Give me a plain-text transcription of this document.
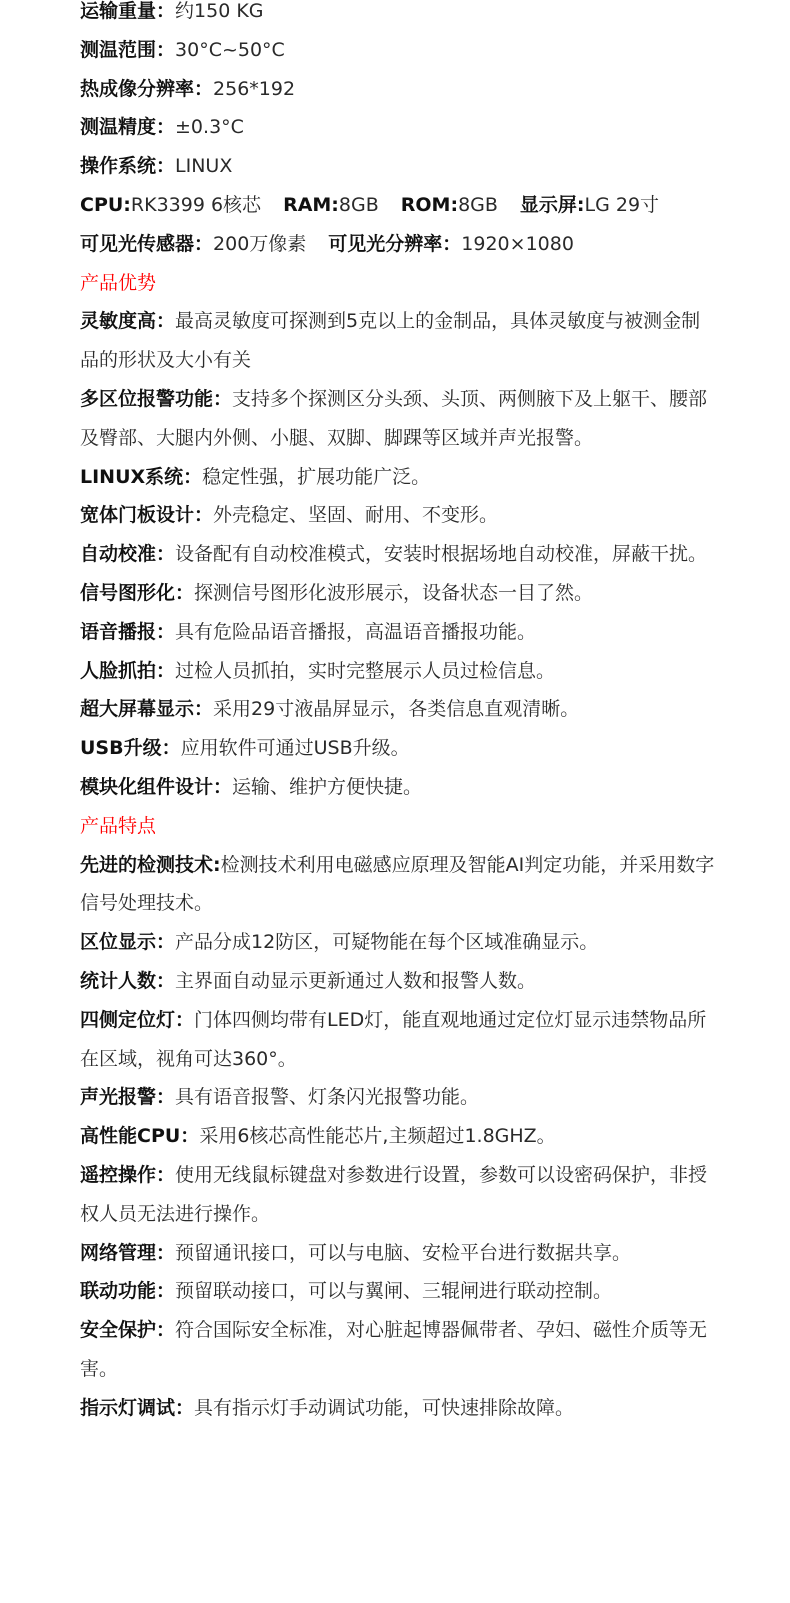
运输重量：约150 KG

测温范围：30°C~50°C

热成像分辨率：256*192

测温精度：±0.3°C

操作系统：LINUX

CPU:RK3399 6核芯 RAM:8GB ROM:8GB 显示屏:LG 29寸

可见光传感器：200万像素 可见光分辨率：1920×1080

产品优势

灵敏度高：最高灵敏度可探测到5克以上的金制品，具体灵敏度与被测金制品的形状及大小有关

多区位报警功能：支持多个探测区分头颈、头顶、两侧腋下及上躯干、腰部及臀部、大腿内外侧、小腿、双脚、脚踝等区域并声光报警。

LINUX系统：稳定性强，扩展功能广泛。

宽体门板设计：外壳稳定、坚固、耐用、不变形。

自动校准：设备配有自动校准模式，安装时根据场地自动校准，屏蔽干扰。

信号图形化：探测信号图形化波形展示，设备状态一目了然。

语音播报：具有危险品语音播报，高温语音播报功能。

人脸抓拍：过检人员抓拍，实时完整展示人员过检信息。

超大屏幕显示：采用29寸液晶屏显示，各类信息直观清晰。

USB升级：应用软件可通过USB升级。

模块化组件设计：运输、维护方便快捷。

产品特点

先进的检测技术:检测技术利用电磁感应原理及智能AI判定功能，并采用数字信号处理技术。

区位显示：产品分成12防区，可疑物能在每个区域准确显示。

统计人数：主界面自动显示更新通过人数和报警人数。

四侧定位灯：门体四侧均带有LED灯，能直观地通过定位灯显示违禁物品所在区域，视角可达360°。

声光报警：具有语音报警、灯条闪光报警功能。

高性能CPU：采用6核芯高性能芯片,主频超过1.8GHZ。

遥控操作：使用无线鼠标键盘对参数进行设置，参数可以设密码保护，非授权人员无法进行操作。

网络管理：预留通讯接口，可以与电脑、安检平台进行数据共享。

联动功能：预留联动接口，可以与翼闸、三辊闸进行联动控制。

安全保护：符合国际安全标准，对心脏起博器佩带者、孕妇、磁性介质等无害。

指示灯调试：具有指示灯手动调试功能，可快速排除故障。
